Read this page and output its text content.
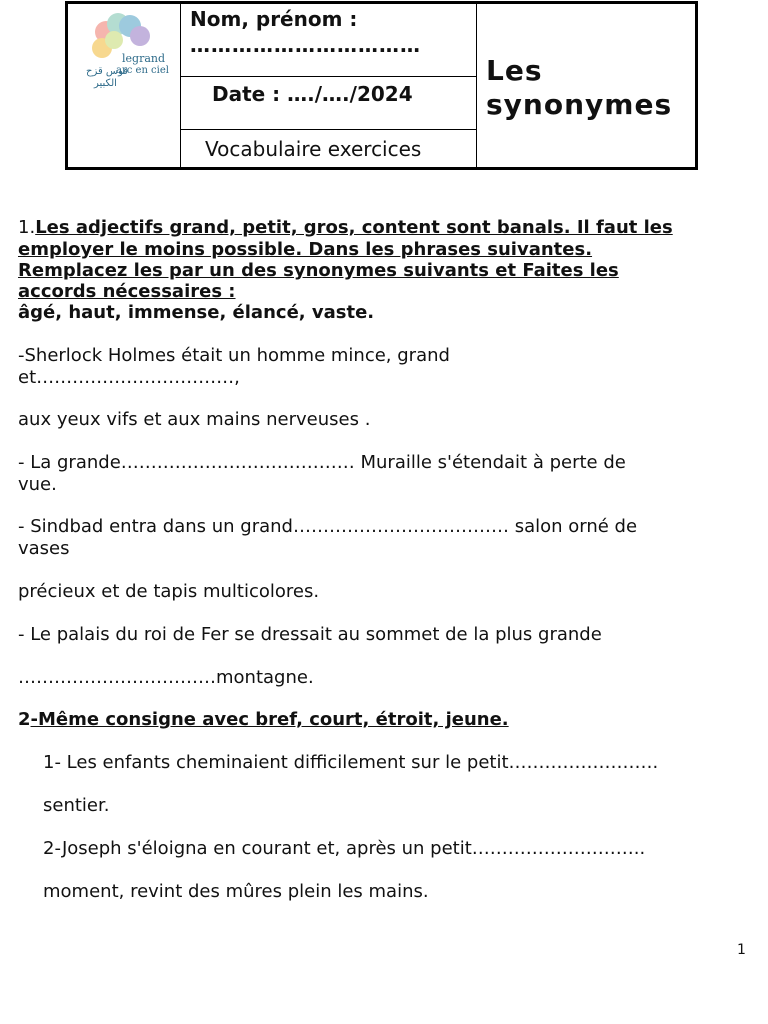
legrand
arc en ciel
قوس قزح
الكبير
Nom, prénom :
……………………………
Date : …./…./2024
Vocabulaire exercices
Les
synonymes
1.Les adjectifs grand, petit, gros, content sont banals. Il faut les
employer le moins possible. Dans les phrases suivantes.
Remplacez les par un des synonymes suivants et Faites les
accords nécessaires :
âgé, haut, immense, élancé, vaste.
-Sherlock Holmes était un homme mince, grand
et……………………………,
aux yeux vifs et aux mains nerveuses .
- La grande………………………………… Muraille s'étendait à perte de
vue.
- Sindbad entra dans un grand……………………………… salon orné de
vases
précieux et de tapis multicolores.
- Le palais du roi de Fer se dressait au sommet de la plus grande
……………………………montagne.
2-Même consigne avec bref, court, étroit, jeune.
1- Les enfants cheminaient difficilement sur le petit…………………….
sentier.
2-Joseph s'éloigna en courant et, après un petit………………………..
moment, revint des mûres plein les mains.
1
